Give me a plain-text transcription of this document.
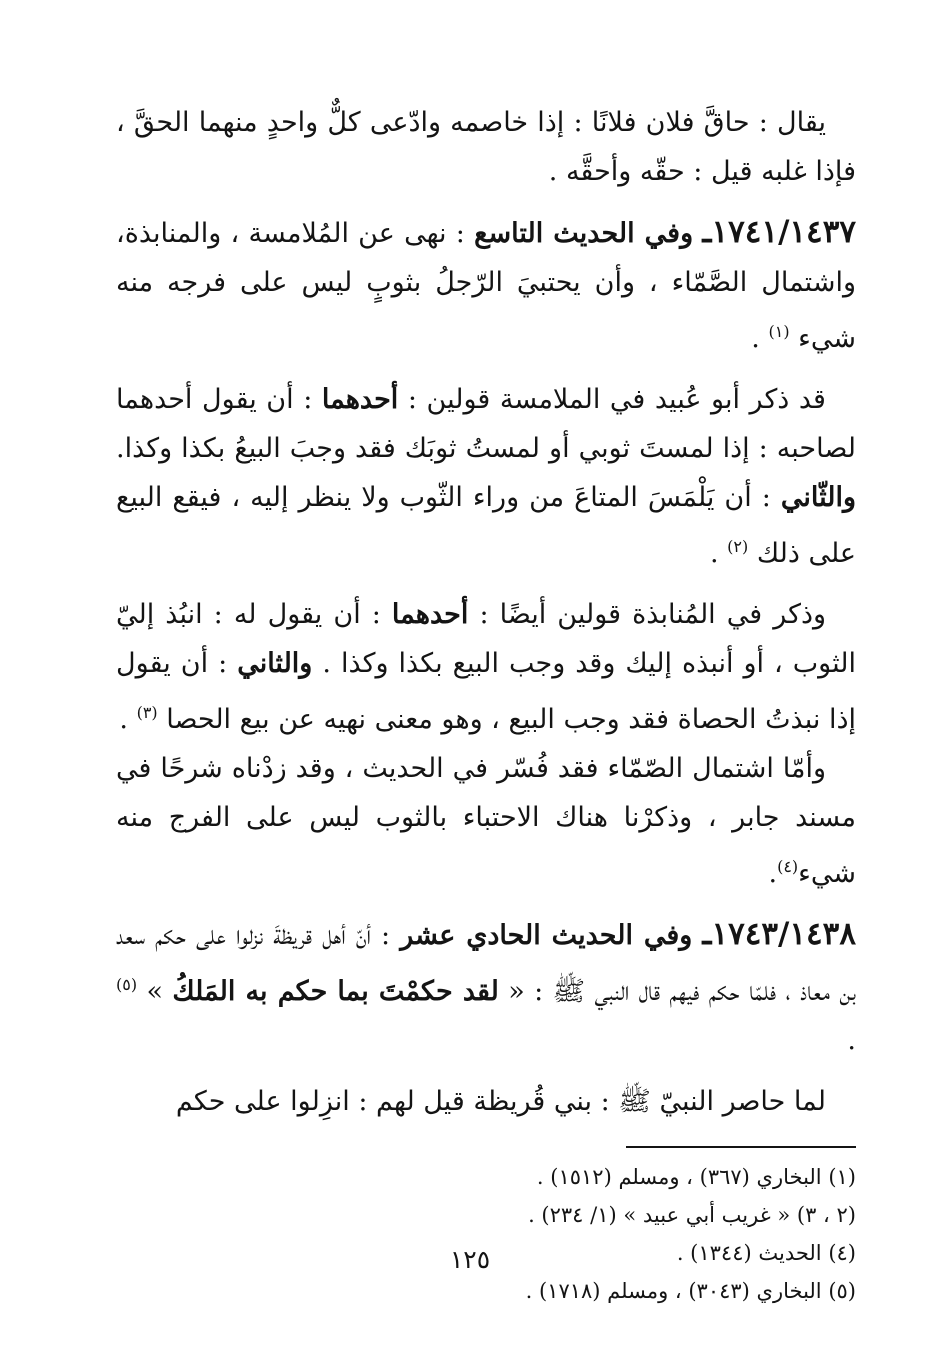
يقال : حاقَّ فلان فلانًا : إذا خاصمه وادّعى كلٌّ واحدٍ منهما الحقَّ ، فإذا غلبه قيل : حقّه وأحقَّه .

١٧٤١/١٤٣٧ـ وفي الحديث التاسع : نهى عن المُلامسة ، والمنابذة، واشتمال الصَّمّاء ، وأن يحتبيَ الرّجلُ بثوبٍ ليس على فرجه منه شيء $^{(١)}$ .

قد ذكر أبو عُبيد في الملامسة قولين : أحدهما : أن يقول أحدهما لصاحبه : إذا لمستَ ثوبي أو لمستُ ثوبَك فقد وجبَ البيعُ بكذا وكذا. والثّاني : أن يَلْمَسَ المتاعَ من وراء الثّوب ولا ينظر إليه ، فيقع البيع على ذلك $^{(٢)}$ .

وذكر في المُنابذة قولين أيضًا : أحدهما : أن يقول له : انبُذ إليّ الثوب ، أو أنبذه إليك وقد وجب البيع بكذا وكذا . والثاني : أن يقول إذا نبذتُ الحصاة فقد وجب البيع ، وهو معنى نهيه عن بيع الحصا $^{(٣)}$ .

وأمّا اشتمال الصّمّاء فقد فُسّر في الحديث ، وقد زدْناه شرحًا في مسند جابر ، وذكرْنا هناك الاحتباء بالثوب ليس على الفرج منه شيء$^{(٤)}$.

١٧٤٣/١٤٣٨ـ وفي الحديث الحادي عشر : أنّ أهل قريظةَ نزلوا على حكم سعد بن معاذ ، فلمّا حكم فيهم قال النبي ﷺ : « لقد حكمْتَ بما حكم به المَلكُ » $^{(٥)}$ .

لما حاصر النبيّ ﷺ : بني قُريظة قيل لهم : انزِلوا على حكم

(١) البخاري (٣٦٧) ، ومسلم (١٥١٢) .

(٢ ، ٣) « غريب أبي عبيد » (١/ ٢٣٤) .

(٤) الحديث (١٣٤٤) .

(٥) البخاري (٣٠٤٣) ، ومسلم (١٧١٨) .

١٢٥
